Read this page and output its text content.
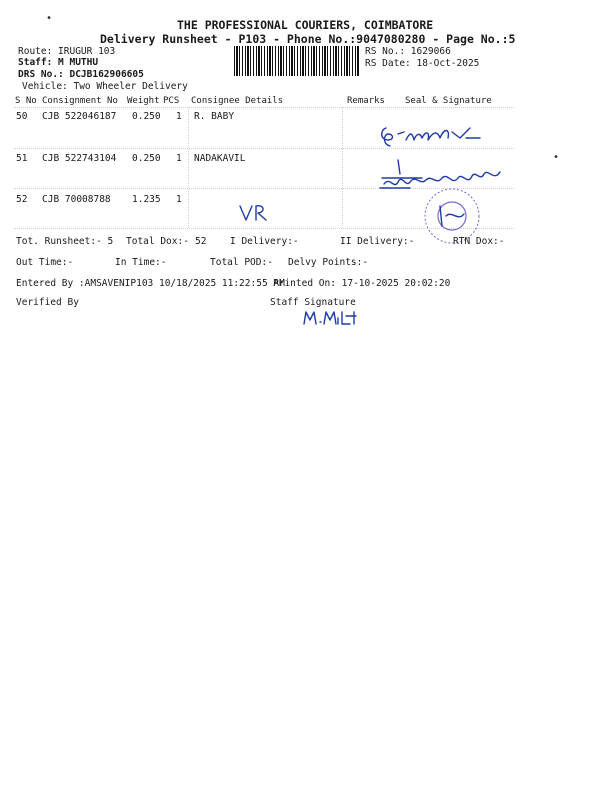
•	THE PROFESSIONAL COURIERS, COIMBATORE
Delivery Runsheet - P103 - Phone No.:9047080280 - Page No.:5
Route: IRUGUR 103
Staff: M MUTHU
DRS No.: DCJB162906605
Vehicle: Two Wheeler Delivery
RS No.: 1629066
RS Date: 18-Oct-2025
S No Consignment No Weight PCS Consignee Details	Remarks Seal & Signature
50 CJB 522046187 0.250 1 R. BABY
51 CJB 522743104 0.250 1 NADAKAVIL
52 CJB 70008788 1.235 1
•
Tot. Runsheet:- 5 Total Dox:- 52 I Delivery:-	II Delivery:-	RTN Dox:-
Out Time:-	In Time:-	Total POD:- Delvy Points:-
Entered By :AMSAVENIP103 10/18/2025 11:22:55 AM
Printed On: 17-10-2025 20:02:20
Verified By	Staff Signature
